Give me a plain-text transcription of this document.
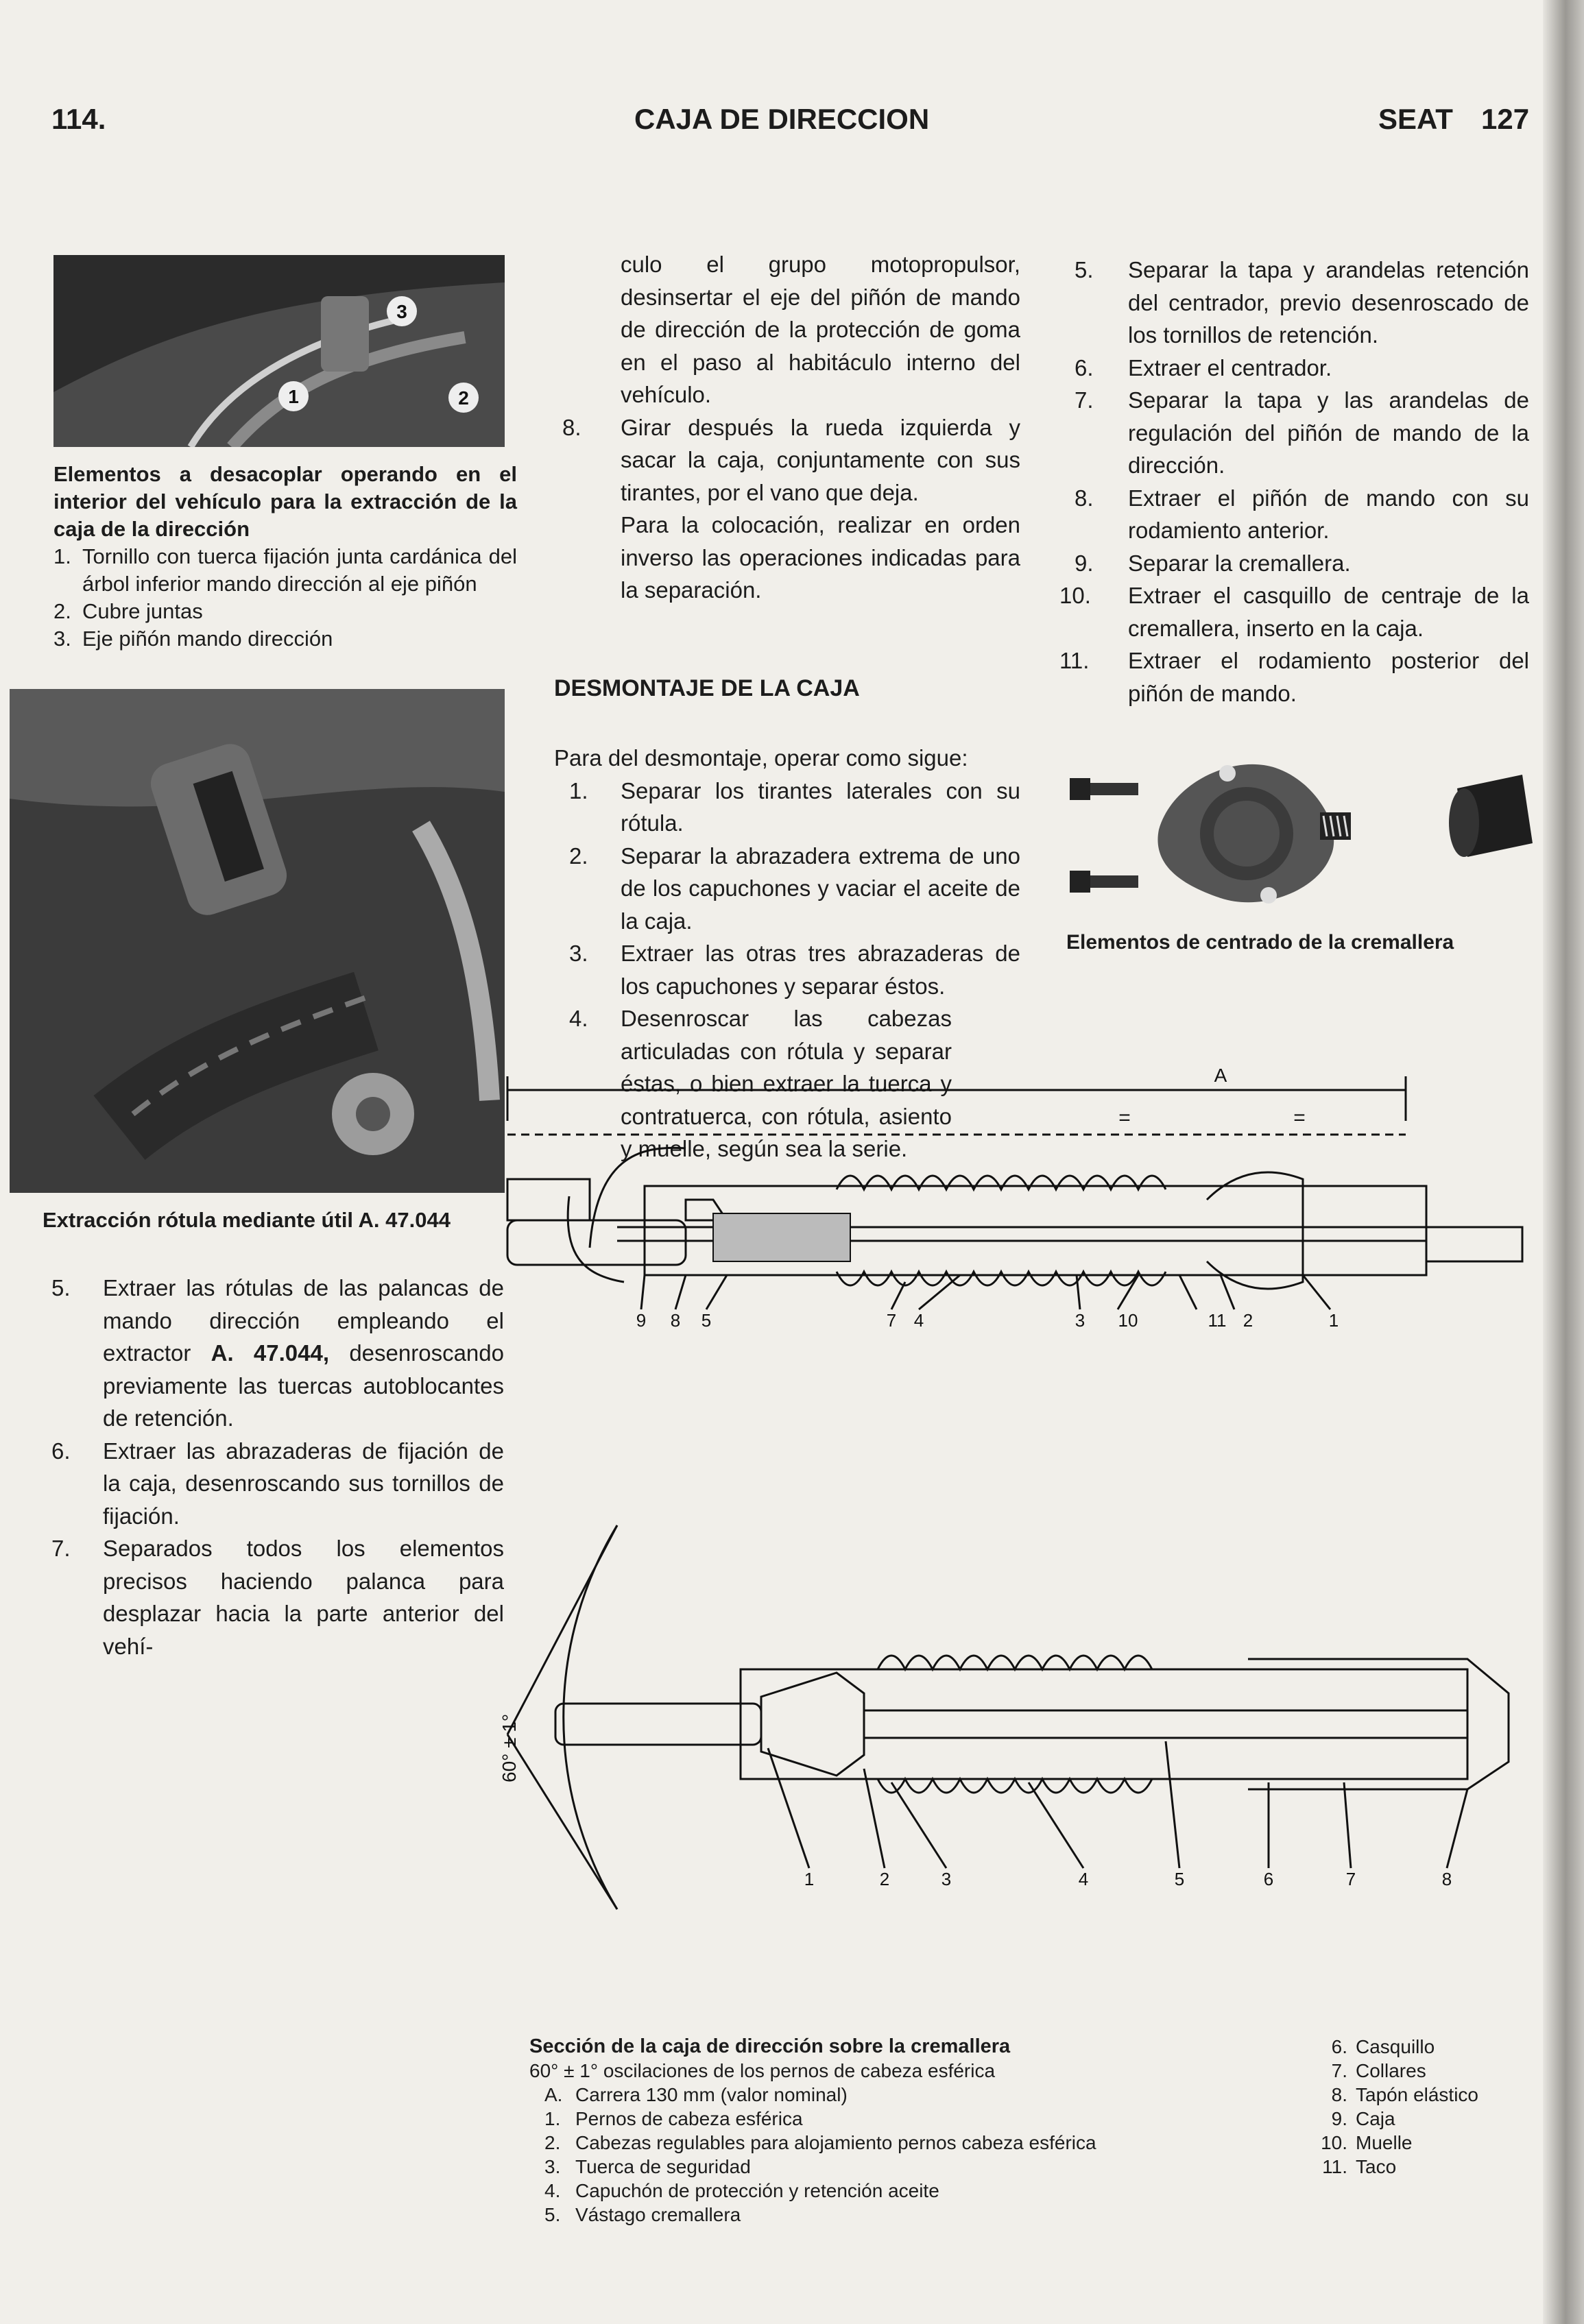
114.	CAJA DE DIRECCION	SEAT 127
1	2
3
Elementos a desacoplar operando en el interior del vehículo para la extracción de la caja de la dirección
1. Tornillo con tuerca fijación junta cardánica del árbol inferior mando dirección al eje piñón
2. Cubre juntas
3. Eje piñón mando dirección
Extracción rótula mediante útil A. 47.044
5.	Extraer las rótulas de las palancas de mando dirección empleando el extractor A. 47.044, desenroscando previamente las tuercas autoblocantes de retención.
6.	Extraer las abrazaderas de fijación de la caja, desenroscando sus tornillos de fijación.
7.	Separados todos los elementos precisos haciendo palanca para desplazar hacia la parte anterior del vehí-
culo el grupo motopropulsor, desinsertar el eje del piñón de mando de dirección de la protección de goma en el paso al habitáculo interno del vehículo.
8.	Girar después la rueda izquierda y sacar la caja, conjuntamente con sus tirantes, por el vano que deja.
Para la colocación, realizar en orden inverso las operaciones indicadas para la separación.
DESMONTAJE DE LA CAJA
Para del desmontaje, operar como sigue:
1.	Separar los tirantes laterales con su rótula.
2.	Separar la abrazadera extrema de uno de los capuchones y vaciar el aceite de la caja.
3.	Extraer las otras tres abrazaderas de los capuchones y separar éstos.
4.	Desenroscar las cabezas articuladas con rótula y separar éstas, o bien extraer la tuerca y contratuerca, con rótula, asiento y muelle, según sea la serie.
5.	Separar la tapa y arandelas retención del centrador, previo desenroscado de los tornillos de retención.
6.	Extraer el centrador.
7.	Separar la tapa y las arandelas de regulación del piñón de mando de la dirección.
8.	Extraer el piñón de mando con su rodamiento anterior.
9.	Separar la cremallera.
10.	Extraer el casquillo de centraje de la cremallera, inserto en la caja.
11.	Extraer el rodamiento posterior del piñón de mando.
Elementos de centrado de la cremallera
A
=	=
60° ± 1°
9 8 5	7 4	3 10	11 2	1
1	2	3	4	5	6	7	8
Sección de la caja de dirección sobre la cremallera
60° ± 1° oscilaciones de los pernos de cabeza esférica
A. Carrera 130 mm (valor nominal)
1. Pernos de cabeza esférica
2. Cabezas regulables para alojamiento pernos cabeza esférica
3. Tuerca de seguridad
4. Capuchón de protección y retención aceite
5. Vástago cremallera
6. Casquillo
7. Collares
8. Tapón elástico
9. Caja
10. Muelle
11. Taco
